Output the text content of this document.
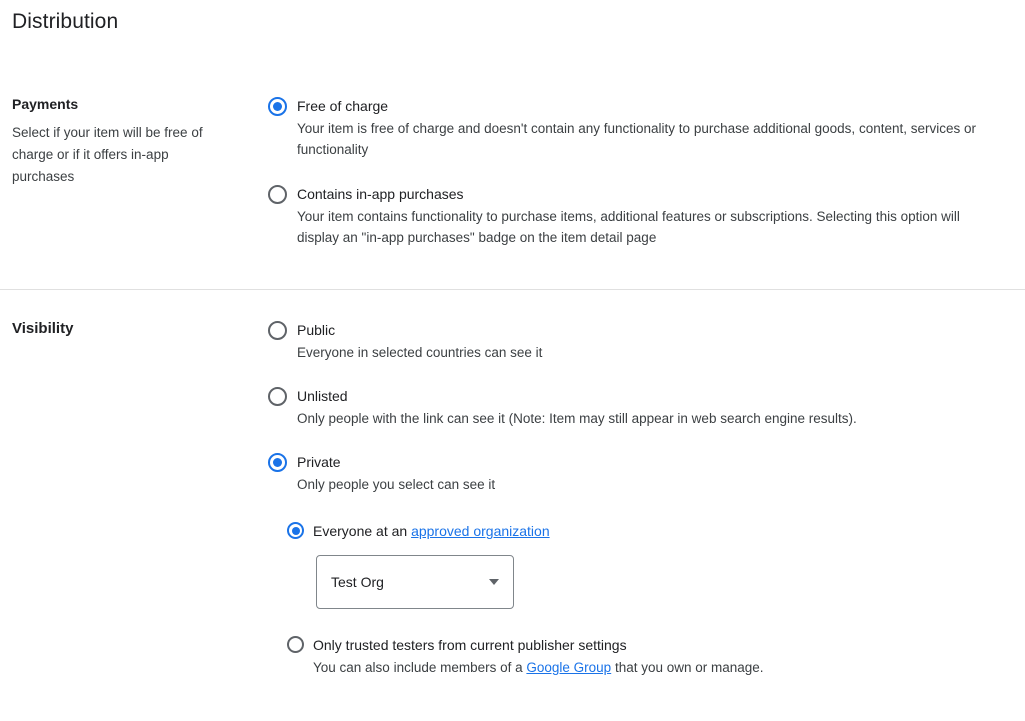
Distribution
Payments
Select if your item will be free of charge or if it offers in-app purchases
Free of charge
Your item is free of charge and doesn't contain any functionality to purchase additional goods, content, services or functionality
Contains in-app purchases
Your item contains functionality to purchase items, additional features or subscriptions. Selecting this option will display an "in-app purchases" badge on the item detail page
Visibility	Public
Everyone in selected countries can see it
Unlisted
Only people with the link can see it (Note: Item may still appear in web search engine results).
Private
Only people you select can see it
Everyone at an approved organization
Test Org
Only trusted testers from current publisher settings
You can also include members of a Google Group that you own or manage.
